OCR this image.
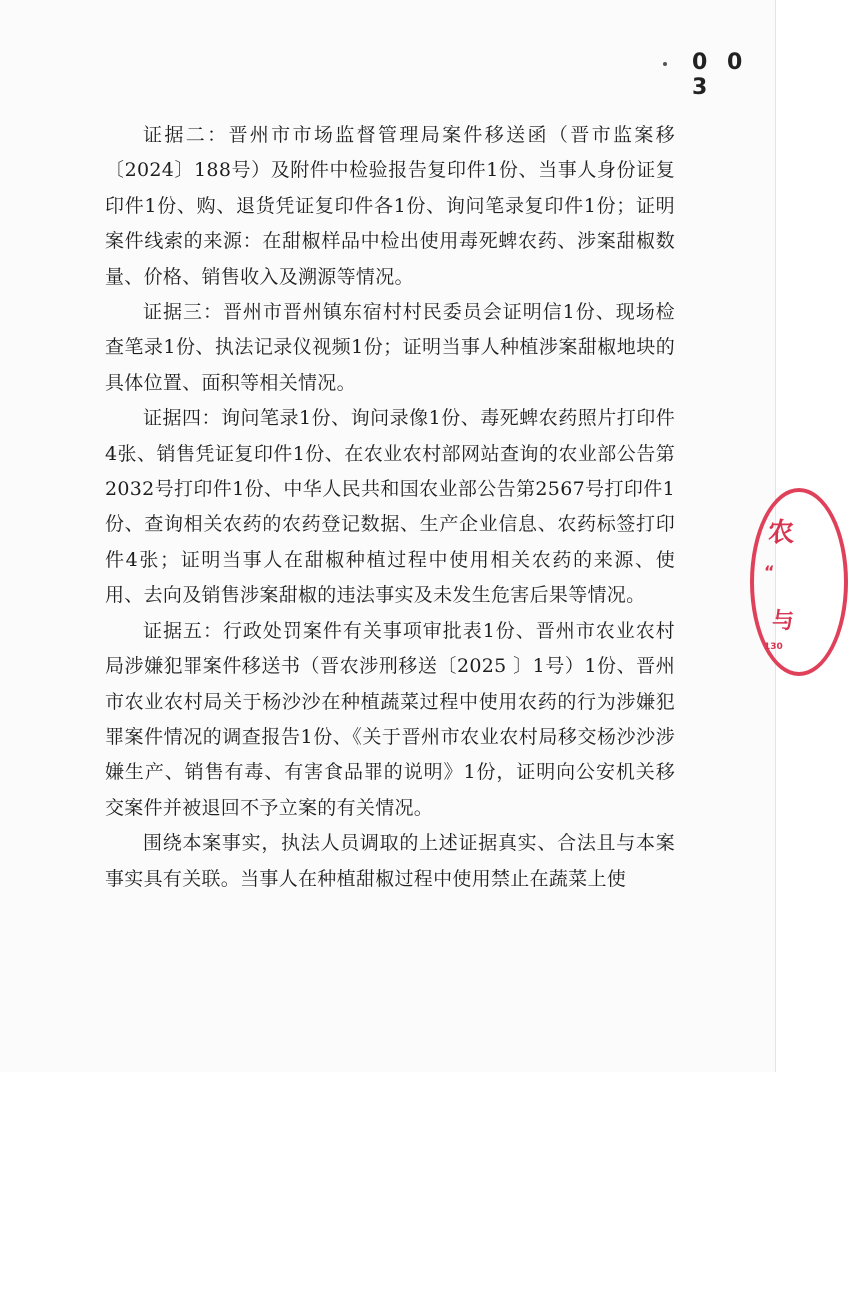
0 0 3

证据二：晋州市市场监督管理局案件移送函（晋市监案移〔2024〕188号）及附件中检验报告复印件1份、当事人身份证复印件1份、购、退货凭证复印件各1份、询问笔录复印件1份；证明案件线索的来源：在甜椒样品中检出使用毒死蜱农药、涉案甜椒数量、价格、销售收入及溯源等情况。

证据三：晋州市晋州镇东宿村村民委员会证明信1份、现场检查笔录1份、执法记录仪视频1份；证明当事人种植涉案甜椒地块的具体位置、面积等相关情况。

证据四：询问笔录1份、询问录像1份、毒死蜱农药照片打印件4张、销售凭证复印件1份、在农业农村部网站查询的农业部公告第2032号打印件1份、中华人民共和国农业部公告第2567号打印件1份、查询相关农药的农药登记数据、生产企业信息、农药标签打印件4张；证明当事人在甜椒种植过程中使用相关农药的来源、使用、去向及销售涉案甜椒的违法事实及未发生危害后果等情况。

证据五：行政处罚案件有关事项审批表1份、晋州市农业农村局涉嫌犯罪案件移送书（晋农涉刑移送〔2025 〕1号）1份、晋州市农业农村局关于杨沙沙在种植蔬菜过程中使用农药的行为涉嫌犯罪案件情况的调查报告1份、《关于晋州市农业农村局移交杨沙沙涉嫌生产、销售有毒、有害食品罪的说明》1份，证明向公安机关移交案件并被退回不予立案的有关情况。

围绕本案事实，执法人员调取的上述证据真实、合法且与本案事实具有关联。当事人在种植甜椒过程中使用禁止在蔬菜上使

农
“
与
130
